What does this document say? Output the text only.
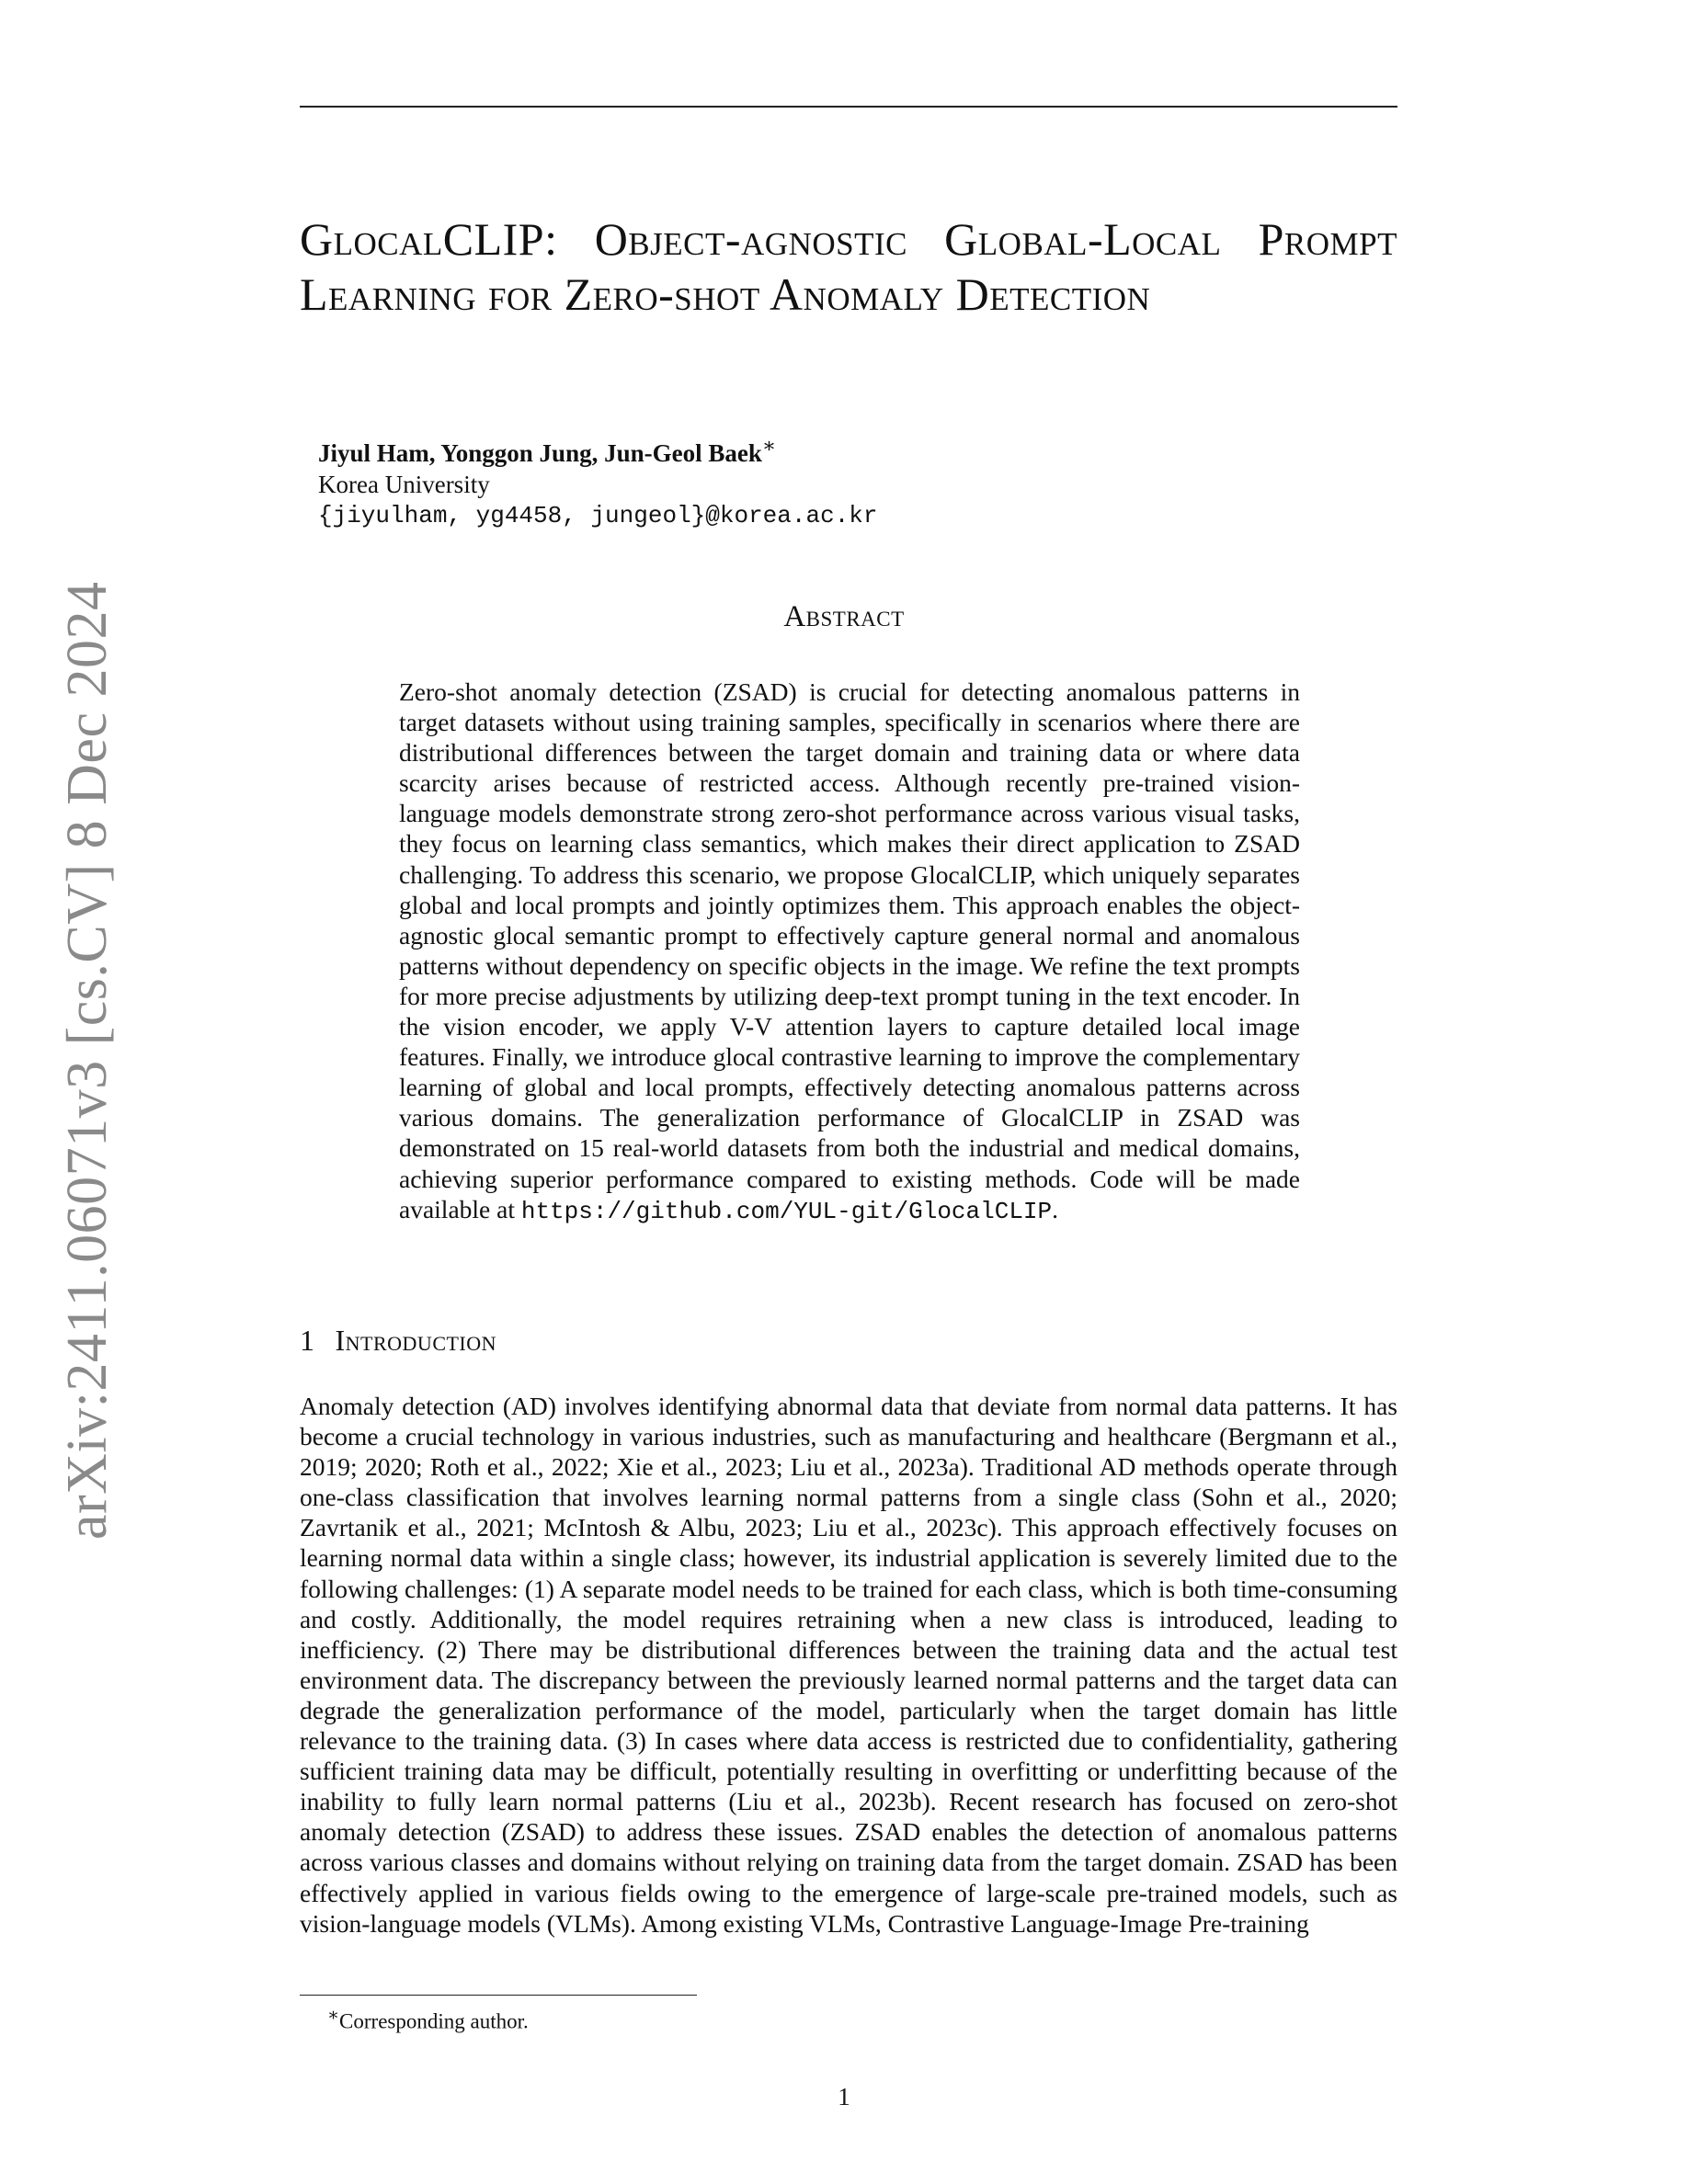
arXiv:2411.06071v3 [cs.CV] 8 Dec 2024
GlocalCLIP: Object-agnostic Global-Local Prompt Learning for Zero-shot Anomaly Detection
Jiyul Ham, Yonggon Jung, Jun-Geol Baek∗
Korea University
{jiyulham, yg4458, jungeol}@korea.ac.kr
Abstract

Zero-shot anomaly detection (ZSAD) is crucial for detecting anomalous patterns in target datasets without using training samples, specifically in scenarios where there are distributional differences between the target domain and training data or where data scarcity arises because of restricted access. Although recently pre-trained vision-language models demonstrate strong zero-shot performance across various visual tasks, they focus on learning class semantics, which makes their direct application to ZSAD challenging. To address this scenario, we propose GlocalCLIP, which uniquely separates global and local prompts and jointly optimizes them. This approach enables the object-agnostic glocal semantic prompt to effectively capture general normal and anomalous patterns without dependency on specific objects in the image. We refine the text prompts for more precise adjustments by utilizing deep-text prompt tuning in the text encoder. In the vision encoder, we apply V-V attention layers to capture detailed local image features. Finally, we introduce glocal contrastive learning to improve the complementary learning of global and local prompts, effectively detecting anomalous patterns across various domains. The generalization performance of GlocalCLIP in ZSAD was demonstrated on 15 real-world datasets from both the industrial and medical domains, achieving superior performance compared to existing methods. Code will be made available at https://github.com/YUL-git/GlocalCLIP.

1 Introduction

Anomaly detection (AD) involves identifying abnormal data that deviate from normal data patterns. It has become a crucial technology in various industries, such as manufacturing and healthcare (Bergmann et al., 2019; 2020; Roth et al., 2022; Xie et al., 2023; Liu et al., 2023a). Traditional AD methods operate through one-class classification that involves learning normal patterns from a single class (Sohn et al., 2020; Zavrtanik et al., 2021; McIntosh & Albu, 2023; Liu et al., 2023c). This approach effectively focuses on learning normal data within a single class; however, its industrial application is severely limited due to the following challenges: (1) A separate model needs to be trained for each class, which is both time-consuming and costly. Additionally, the model requires retraining when a new class is introduced, leading to inefficiency. (2) There may be distributional differences between the training data and the actual test environment data. The discrepancy between the previously learned normal patterns and the target data can degrade the generalization performance of the model, particularly when the target domain has little relevance to the training data. (3) In cases where data access is restricted due to confidentiality, gathering sufficient training data may be difficult, potentially resulting in overfitting or underfitting because of the inability to fully learn normal patterns (Liu et al., 2023b). Recent research has focused on zero-shot anomaly detection (ZSAD) to address these issues. ZSAD enables the detection of anomalous patterns across various classes and domains without relying on training data from the target domain. ZSAD has been effectively applied in various fields owing to the emergence of large-scale pre-trained models, such as vision-language models (VLMs). Among existing VLMs, Contrastive Language-Image Pre-training

∗Corresponding author.
1
